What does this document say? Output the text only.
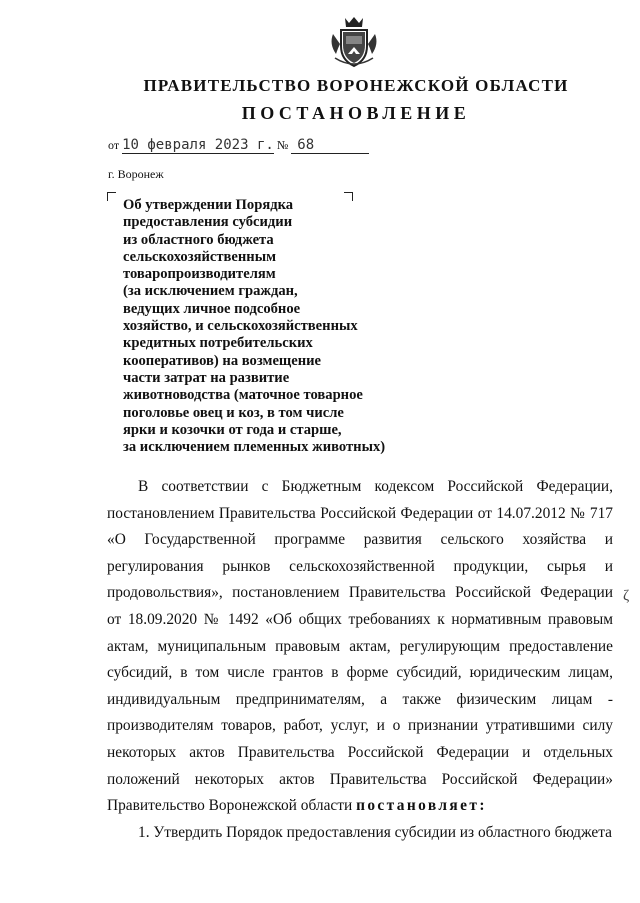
ПРАВИТЕЛЬСТВО ВОРОНЕЖСКОЙ ОБЛАСТИ
ПОСТАНОВЛЕНИЕ
от 10 февраля 2023 г. № 68
г. Воронеж
Об утверждении Порядка
предоставления субсидии
из областного бюджета
сельскохозяйственным
товаропроизводителям
(за исключением граждан,
ведущих личное подсобное
хозяйство, и сельскохозяйственных
кредитных потребительских
кооперативов) на возмещение
части затрат на развитие
животноводства (маточное товарное
поголовье овец и коз, в том числе
ярки и козочки от года и старше,
за исключением племенных животных)
В соответствии с Бюджетным кодексом Российской Федерации,
постановлением Правительства Российской Федерации от 14.07.2012 № 717
«О Государственной программе развития сельского хозяйства и
регулирования рынков сельскохозяйственной продукции, сырья и
продовольствия», постановлением Правительства Российской Федерации
от 18.09.2020 № 1492 «Об общих требованиях к нормативным правовым
актам, муниципальным правовым актам, регулирующим предоставление
субсидий, в том числе грантов в форме субсидий, юридическим лицам,
индивидуальным предпринимателям, а также физическим лицам -
производителям товаров, работ, услуг, и о признании утратившими силу
некоторых актов Правительства Российской Федерации и отдельных
положений некоторых актов Правительства Российской Федерации»
Правительство Воронежской области постановляет:
1. Утвердить Порядок предоставления субсидии из областного бюджета
ζ
